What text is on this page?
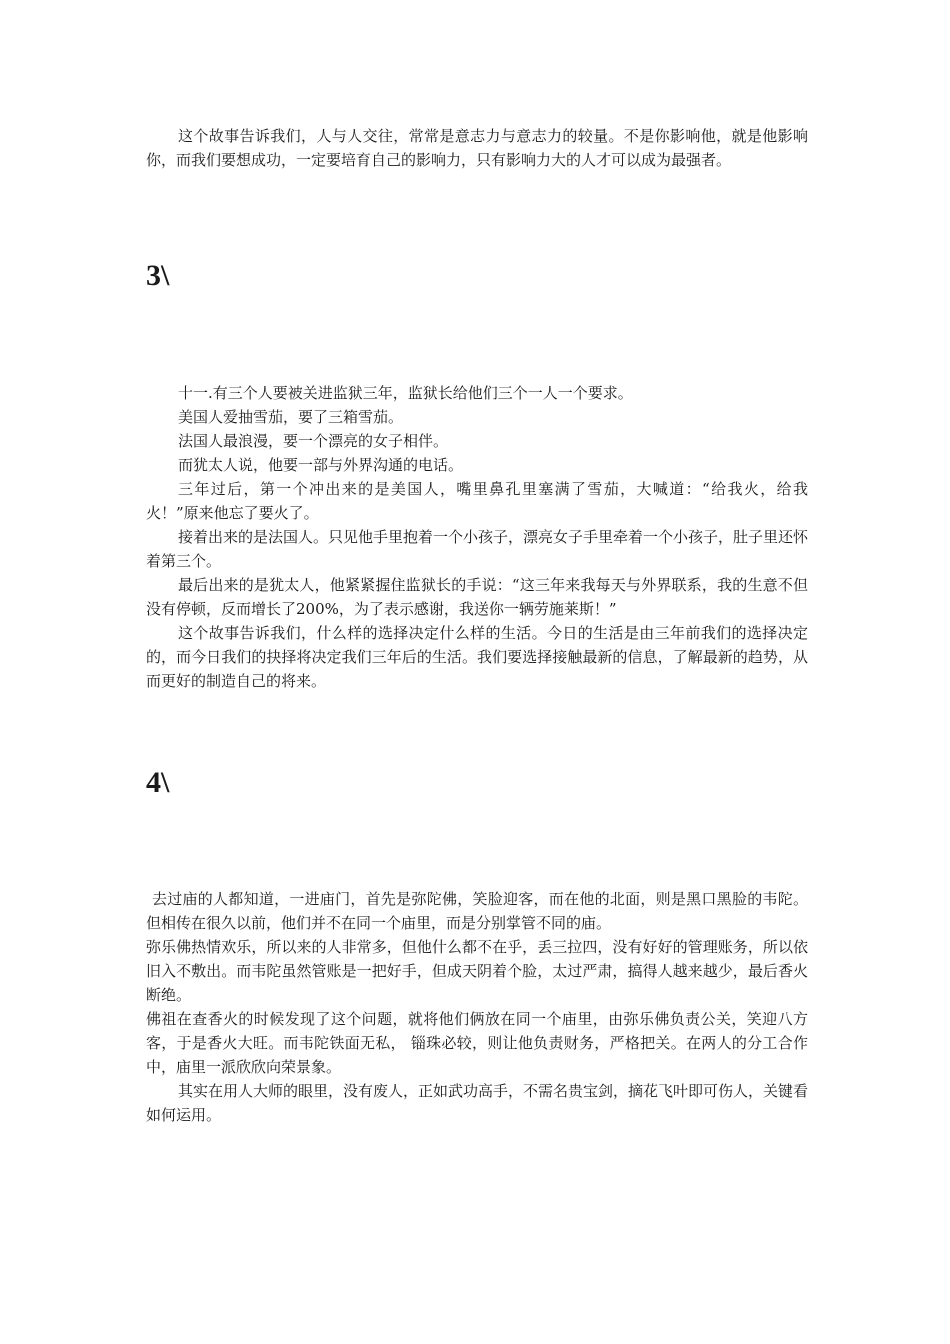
这个故事告诉我们，人与人交往，常常是意志力与意志力的较量。不是你影响他，就是他影响你，而我们要想成功，一定要培育自己的影响力，只有影响力大的人才可以成为最强者。

3\

十一.有三个人要被关进监狱三年，监狱长给他们三个一人一个要求。

美国人爱抽雪茄，要了三箱雪茄。

法国人最浪漫，要一个漂亮的女子相伴。

而犹太人说，他要一部与外界沟通的电话。

三年过后，第一个冲出来的是美国人，嘴里鼻孔里塞满了雪茄，大喊道：“给我火，给我火！”原来他忘了要火了。

接着出来的是法国人。只见他手里抱着一个小孩子，漂亮女子手里牵着一个小孩子，肚子里还怀着第三个。

最后出来的是犹太人，他紧紧握住监狱长的手说：“这三年来我每天与外界联系，我的生意不但没有停顿，反而增长了200%，为了表示感谢，我送你一辆劳施莱斯！”

这个故事告诉我们，什么样的选择决定什么样的生活。今日的生活是由三年前我们的选择决定的，而今日我们的抉择将决定我们三年后的生活。我们要选择接触最新的信息，了解最新的趋势，从而更好的制造自己的将来。

4\

去过庙的人都知道，一进庙门，首先是弥陀佛，笑脸迎客，而在他的北面，则是黑口黑脸的韦陀。但相传在很久以前，他们并不在同一个庙里，而是分别掌管不同的庙。

弥乐佛热情欢乐，所以来的人非常多，但他什么都不在乎，丢三拉四，没有好好的管理账务，所以依旧入不敷出。而韦陀虽然管账是一把好手，但成天阴着个脸，太过严肃，搞得人越来越少，最后香火断绝。

佛祖在查香火的时候发现了这个问题，就将他们俩放在同一个庙里，由弥乐佛负责公关，笑迎八方客，于是香火大旺。而韦陀铁面无私， 锱珠必较，则让他负责财务，严格把关。在两人的分工合作中，庙里一派欣欣向荣景象。

其实在用人大师的眼里，没有废人，正如武功高手，不需名贵宝剑，摘花飞叶即可伤人，关键看如何运用。
